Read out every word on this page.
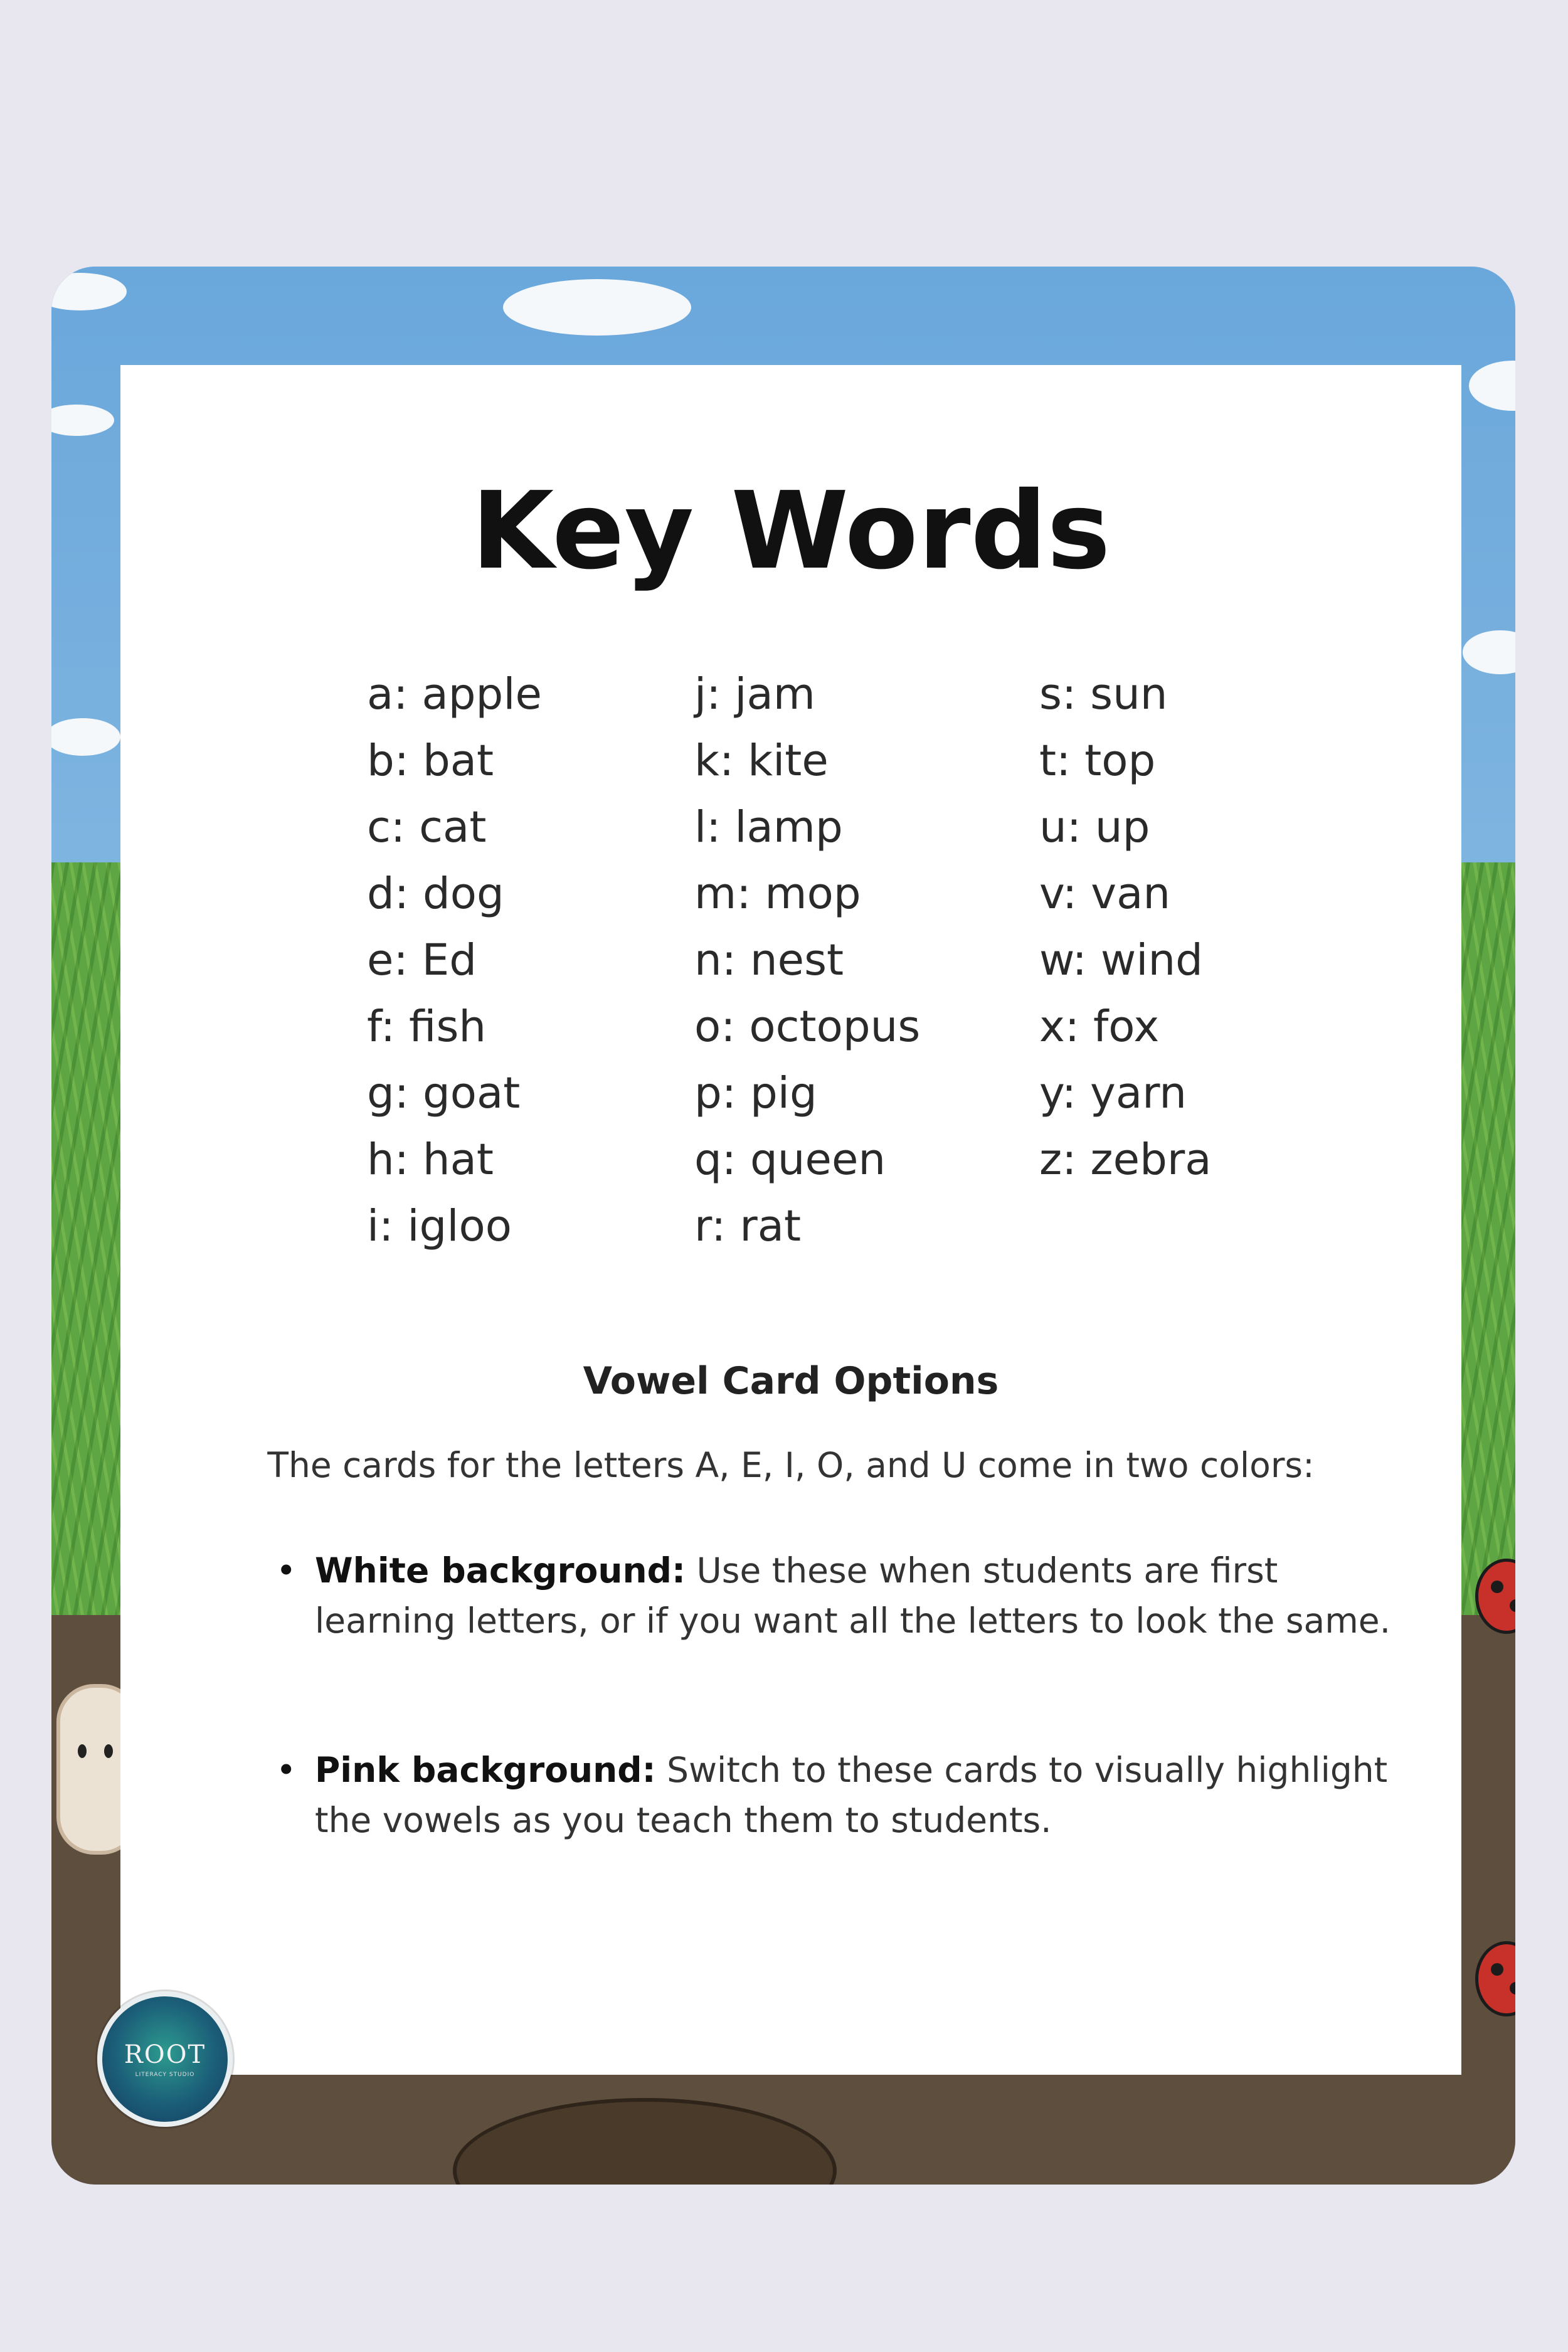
Key Words
a: apple
b: bat
c: cat
d: dog
e: Ed
f: fish
g: goat
h: hat
i: igloo
j: jam
k: kite
l: lamp
m: mop
n: nest
o: octopus
p: pig
q: queen
r: rat
s: sun
t: top
u: up
v: van
w: wind
x: fox
y: yarn
z: zebra
Vowel Card Options
The cards for the letters A, E, I, O, and U come in two colors:
• White background: Use these when students are first learning letters, or if you want all the letters to look the same.
• Pink background: Switch to these cards to visually highlight the vowels as you teach them to students.
ROOT
LITERACY STUDIO
